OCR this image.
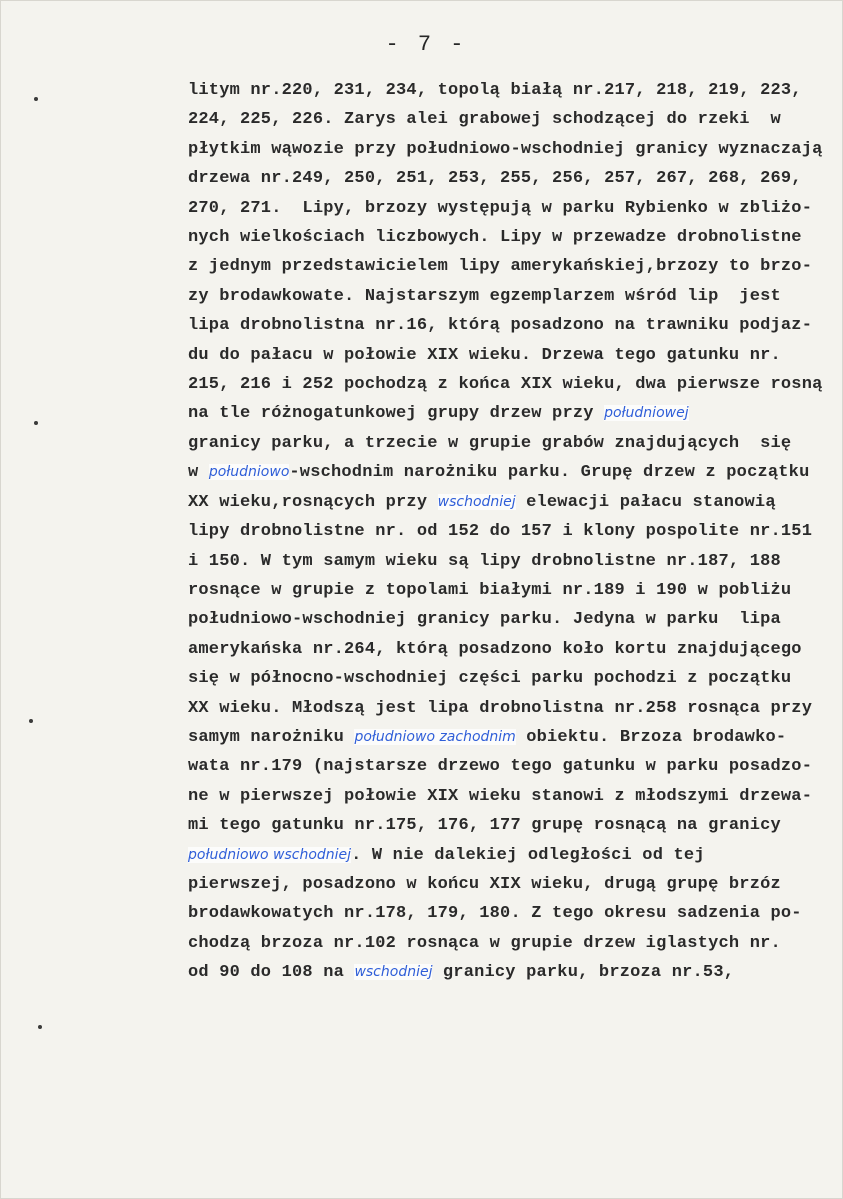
- 7 -
litym nr.220, 231, 234, topolą białą nr.217, 218, 219, 223,
224, 225, 226. Zarys alei grabowej schodzącej do rzeki  w
płytkim wąwozie przy południowo-wschodniej granicy wyznaczają
drzewa nr.249, 250, 251, 253, 255, 256, 257, 267, 268, 269,
270, 271.  Lipy, brzozy występują w parku Rybienko w zbliżo-
nych wielkościach liczbowych. Lipy w przewadze drobnolistne
z jednym przedstawicielem lipy amerykańskiej,brzozy to brzo-
zy brodawkowate. Najstarszym egzemplarzem wśród lip  jest
lipa drobnolistna nr.16, którą posadzono na trawniku podjaz-
du do pałacu w połowie XIX wieku. Drzewa tego gatunku nr.
215, 216 i 252 pochodzą z końca XIX wieku, dwa pierwsze rosną
na tle różnogatunkowej grupy drzew przy południowej
granicy parku, a trzecie w grupie grabów znajdujących  się
w południowo-wschodnim narożniku parku. Grupę drzew z początku
XX wieku,rosnących przy wschodniej elewacji pałacu stanowią
lipy drobnolistne nr. od 152 do 157 i klony pospolite nr.151
i 150. W tym samym wieku są lipy drobnolistne nr.187, 188
rosnące w grupie z topolami białymi nr.189 i 190 w pobliżu
południowo-wschodniej granicy parku. Jedyna w parku  lipa
amerykańska nr.264, którą posadzono koło kortu znajdującego
się w północno-wschodniej części parku pochodzi z początku
XX wieku. Młodszą jest lipa drobnolistna nr.258 rosnąca przy
samym narożniku południowo zachodnim obiektu. Brzoza brodawko-
wata nr.179 (najstarsze drzewo tego gatunku w parku posadzo-
ne w pierwszej połowie XIX wieku stanowi z młodszymi drzewa-
mi tego gatunku nr.175, 176, 177 grupę rosnącą na granicy
południowo wschodniej. W nie dalekiej odległości od tej
pierwszej, posadzono w końcu XIX wieku, drugą grupę brzóz
brodawkowatych nr.178, 179, 180. Z tego okresu sadzenia po-
chodzą brzoza nr.102 rosnąca w grupie drzew iglastych nr.
od 90 do 108 na wschodniej granicy parku, brzoza nr.53,
